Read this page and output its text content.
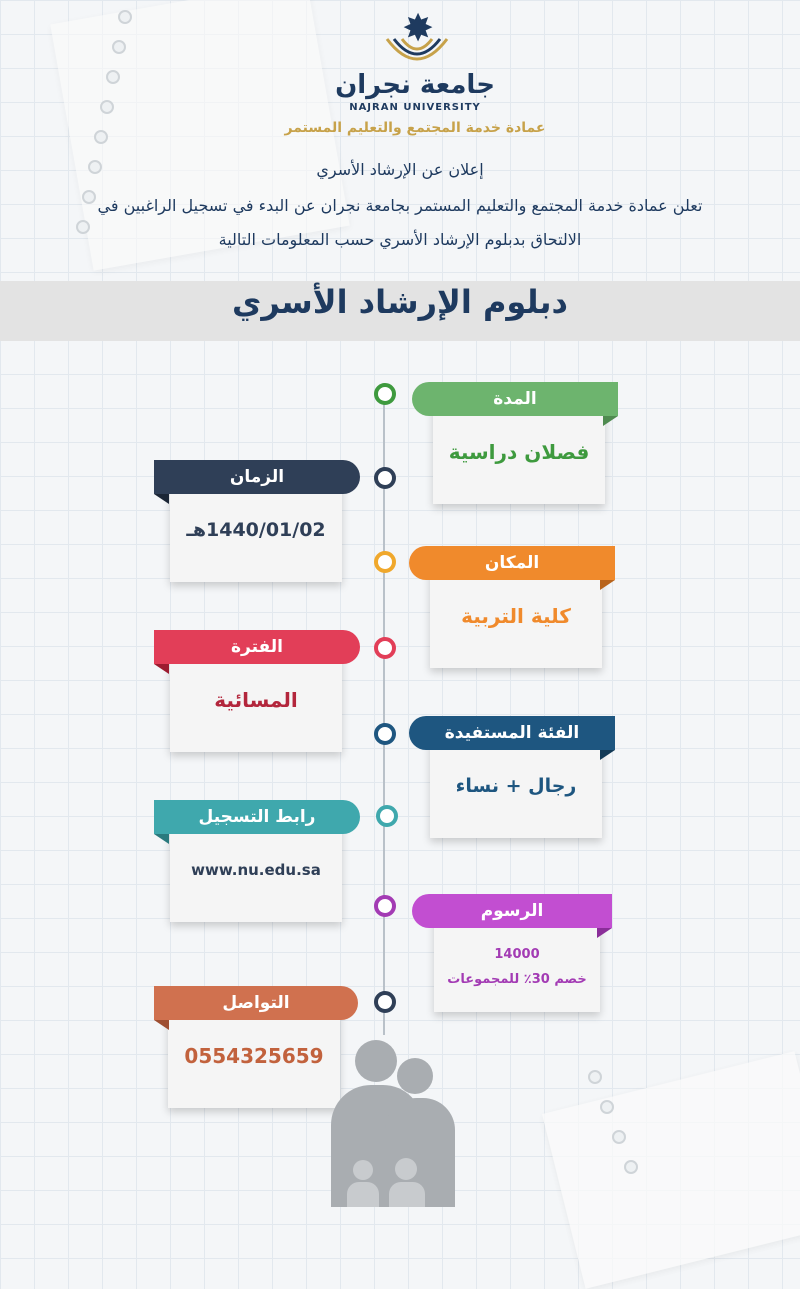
✸
جامعة نجران
NAJRAN UNIVERSITY
عمادة خدمة المجتمع والتعليم المستمر
إعلان عن الإرشاد الأسري
تعلن عمادة خدمة المجتمع والتعليم المستمر بجامعة نجران عن البدء في تسجيل الراغبين في
الالتحاق بدبلوم الإرشاد الأسري حسب المعلومات التالية
دبلوم الإرشاد الأسري
فصلان دراسية
المدة
1440/01/02هـ
الزمان
كلية التربية
المكان
المسائية
الفترة
رجال + نساء
الفئة المستفيدة
www.nu.edu.sa
رابط التسجيل
14000
خصم 30٪ للمجموعات
الرسوم
0554325659
التواصل
